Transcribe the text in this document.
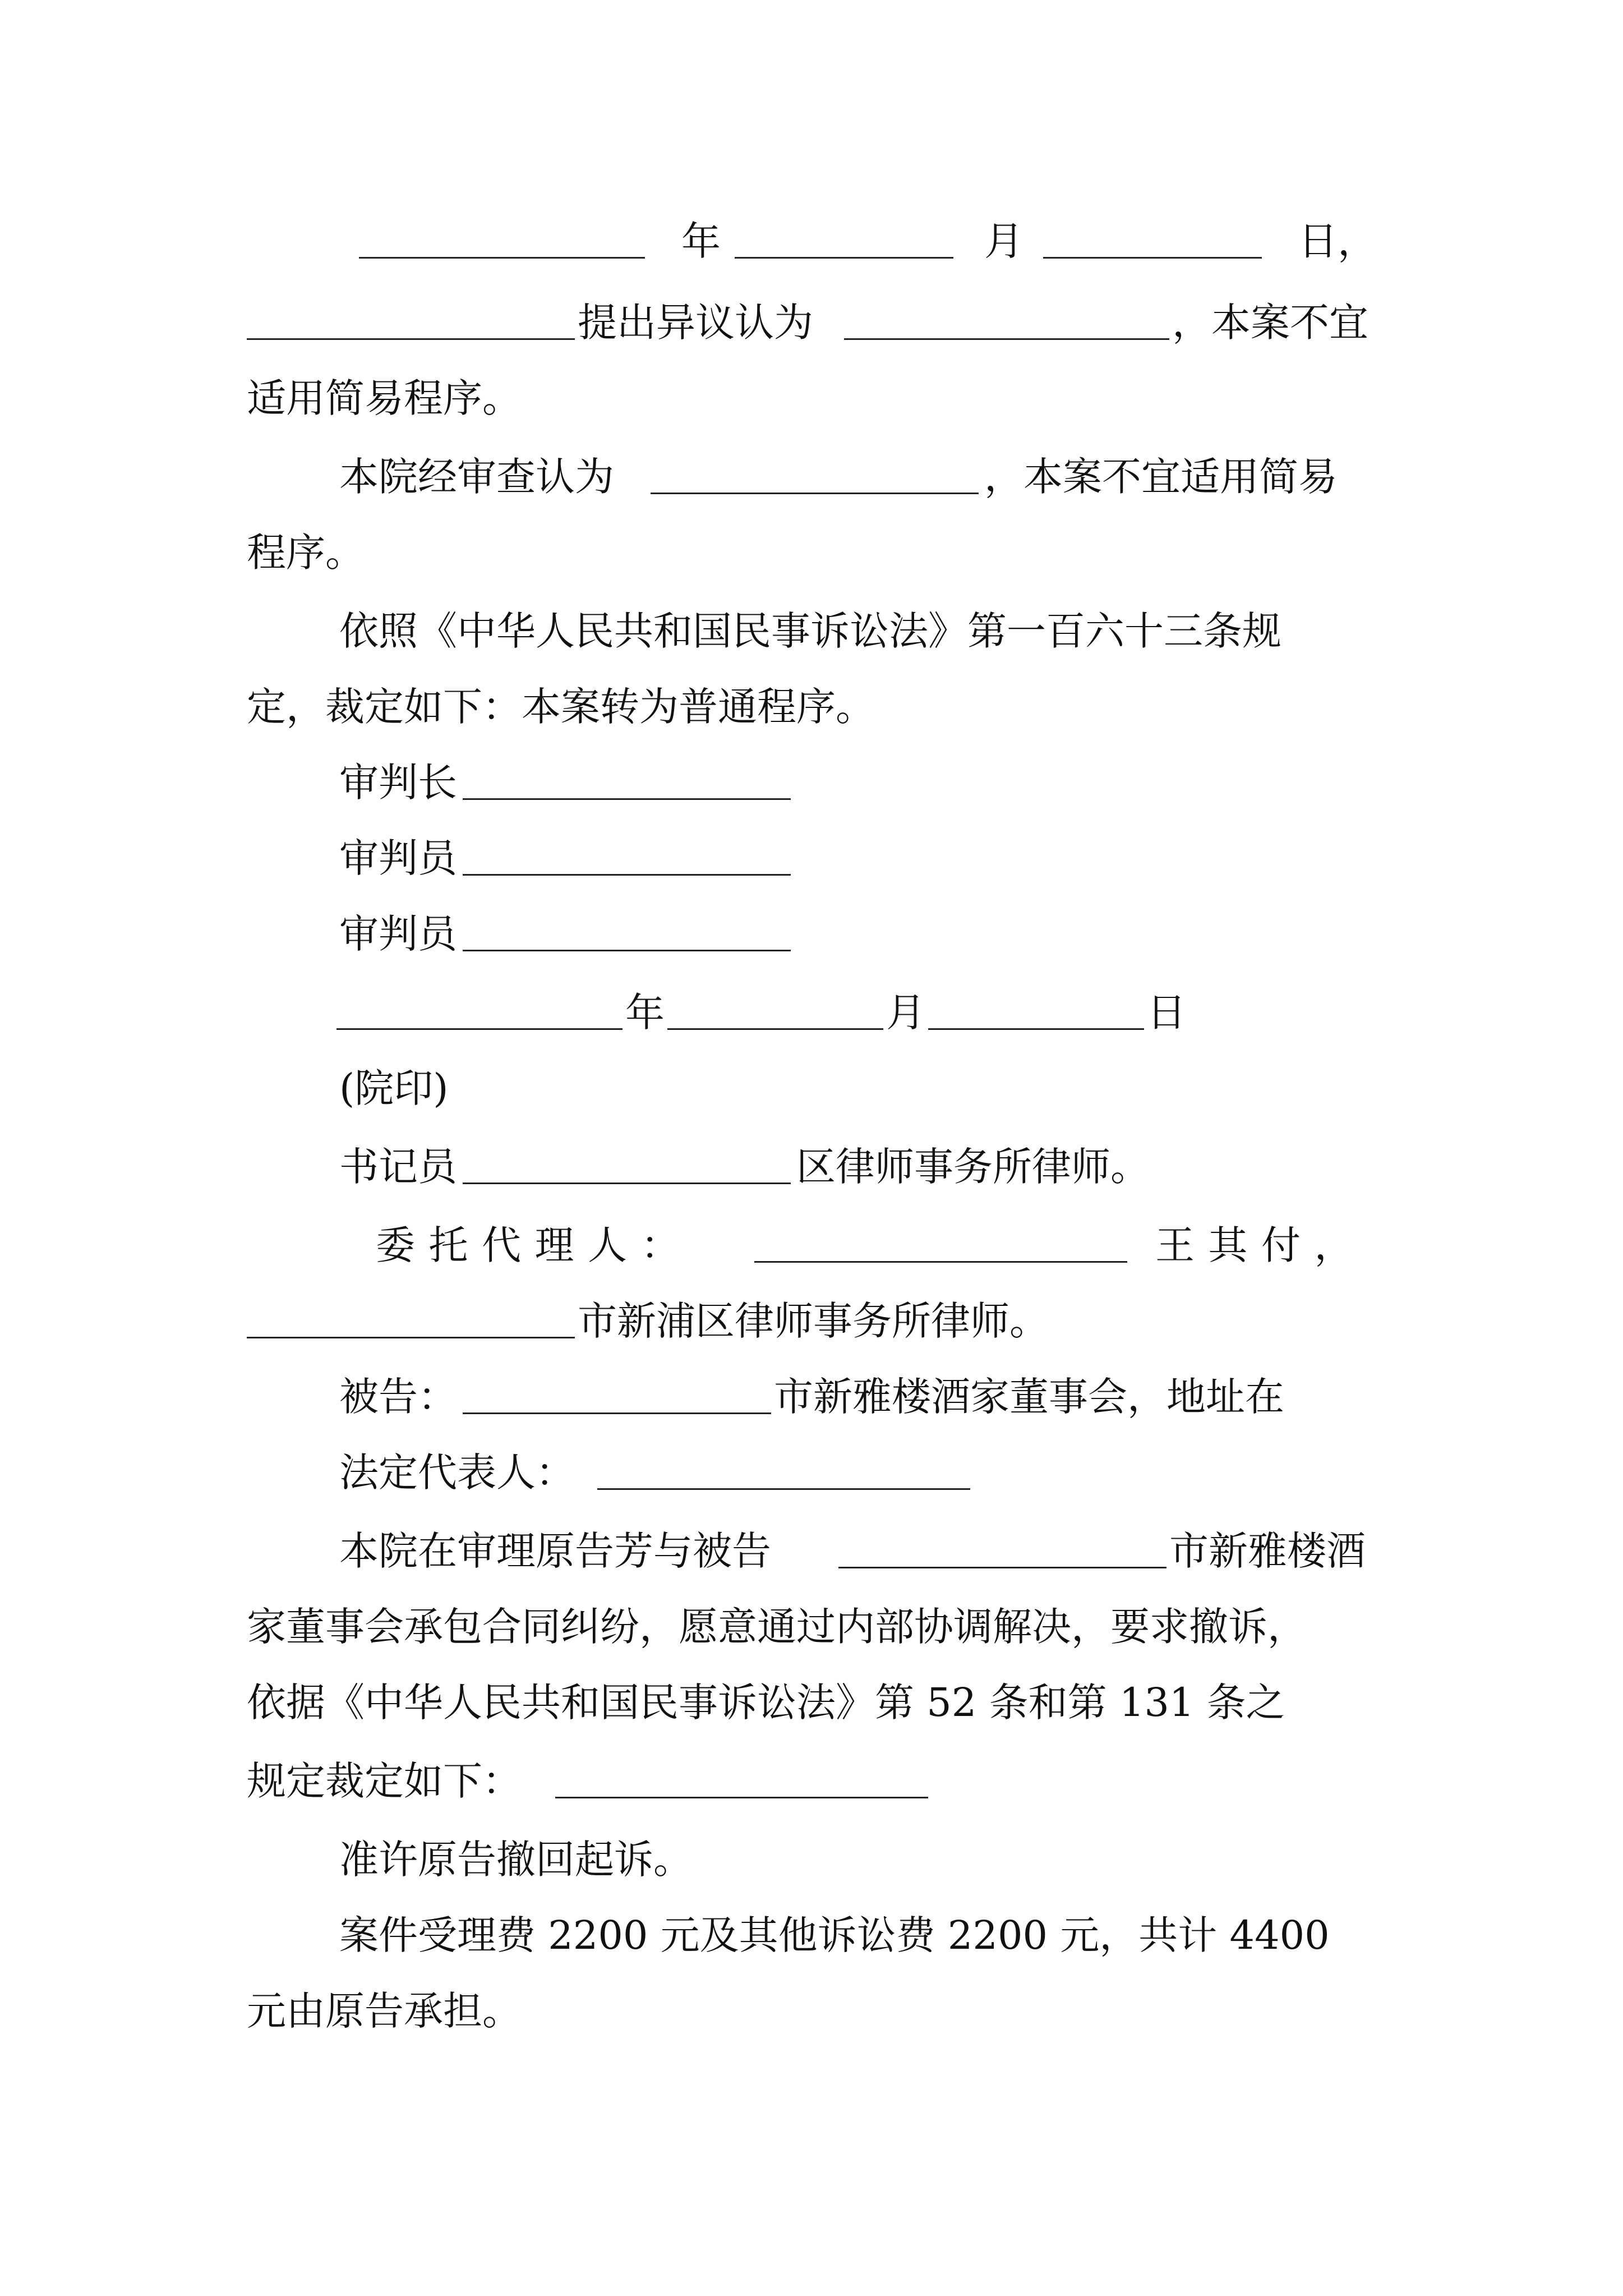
年	月	日，
提出异议认为	，本案不宜
适用简易程序。
本院经审查认为	，本案不宜适用简易
程序。
依照《中华人民共和国民事诉讼法》第一百六十三条规
定，裁定如下：本案转为普通程序。
审判长
审判员
审判员
年	月	日
(院印)
书记员	区律师事务所律师。
委托代理人：	王其付，
市新浦区律师事务所律师。
被告：	市新雅楼酒家董事会，地址在
法定代表人：
本院在审理原告芳与被告	市新雅楼酒
家董事会承包合同纠纷，愿意通过内部协调解决，要求撤诉，
依据《中华人民共和国民事诉讼法》第 52 条和第 131 条之
规定裁定如下：
准许原告撤回起诉。
案件受理费 2200 元及其他诉讼费 2200 元，共计 4400
元由原告承担。
